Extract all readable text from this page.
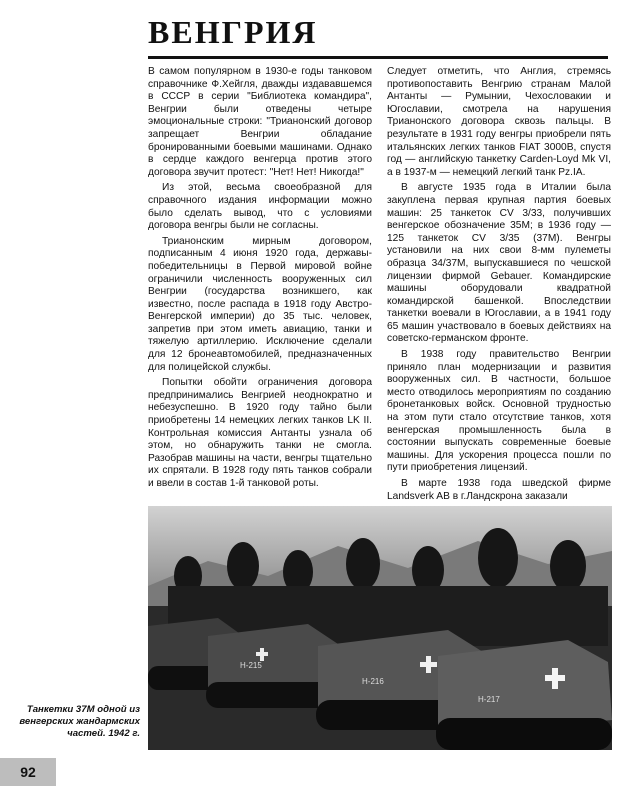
ВЕНГРИЯ

В самом популярном в 1930-е годы танковом справочнике Ф.Хейгля, дважды издававшемся в СССР в серии "Библиотека командира", Венгрии были отведены четыре эмоциональные строки: "Трианонский договор запрещает Венгрии обладание бронированными боевыми машинами. Однако в сердце каждого венгерца против этого договора звучит протест: "Нет! Нет! Никогда!"

Из этой, весьма своеобразной для справочного издания информации можно было сделать вывод, что с условиями договора венгры были не согласны.

Трианонским мирным договором, подписанным 4 июня 1920 года, державы-победительницы в Первой мировой войне ограничили численность вооруженных сил Венгрии (государства возникшего, как известно, после распада в 1918 году Австро-Венгерской империи) до 35 тыс. человек, запретив при этом иметь авиацию, танки и тяжелую артиллерию. Исключение сделали для 12 бронеавтомобилей, предназначенных для полицейской службы.

Попытки обойти ограничения договора предпринимались Венгрией неоднократно и небезуспешно. В 1920 году тайно были приобретены 14 немецких легких танков LK II. Контрольная комиссия Антанты узнала об этом, но обнаружить танки не смогла. Разобрав машины на части, венгры тщательно их спрятали. В 1928 году пять танков собрали и ввели в состав 1-й танковой роты.

Следует отметить, что Англия, стремясь противопоставить Венгрию странам Малой Антанты — Румынии, Чехословакии и Югославии, смотрела на нарушения Трианонского договора сквозь пальцы. В результате в 1931 году венгры приобрели пять итальянских легких танков FIAT 3000B, спустя год — английскую танкетку Carden-Loyd Mk VI, а в 1937-м — немецкий легкий танк Pz.IA.

В августе 1935 года в Италии была закуплена первая крупная партия боевых машин: 25 танкеток CV 3/33, получивших венгерское обозначение 35M; в 1936 году — 125 танкеток CV 3/35 (37M). Венгры установили на них свои 8-мм пулеметы образца 34/37M, выпускавшиеся по чешской лицензии фирмой Gebauer. Командирские машины оборудовали квадратной командирской башенкой. Впоследствии танкетки воевали в Югославии, а в 1941 году 65 машин участвовало в боевых действиях на советско-германском фронте.

В 1938 году правительство Венгрии приняло план модернизации и развития вооруженных сил. В частности, большое место отводилось мероприятиям по созданию бронетанковых войск. Основной трудностью на этом пути стало отсутствие танков, хотя венгерская промышленность была в состоянии выпускать современные боевые машины. Для ускорения процесса пошли по пути приобретения лицензий.

В марте 1938 года шведской фирме Landsverk AB в г.Ландскрона заказали

H-215
H-216
H-217
Танкетки 37М одной из венгерских жандармских частей. 1942 г.
92
